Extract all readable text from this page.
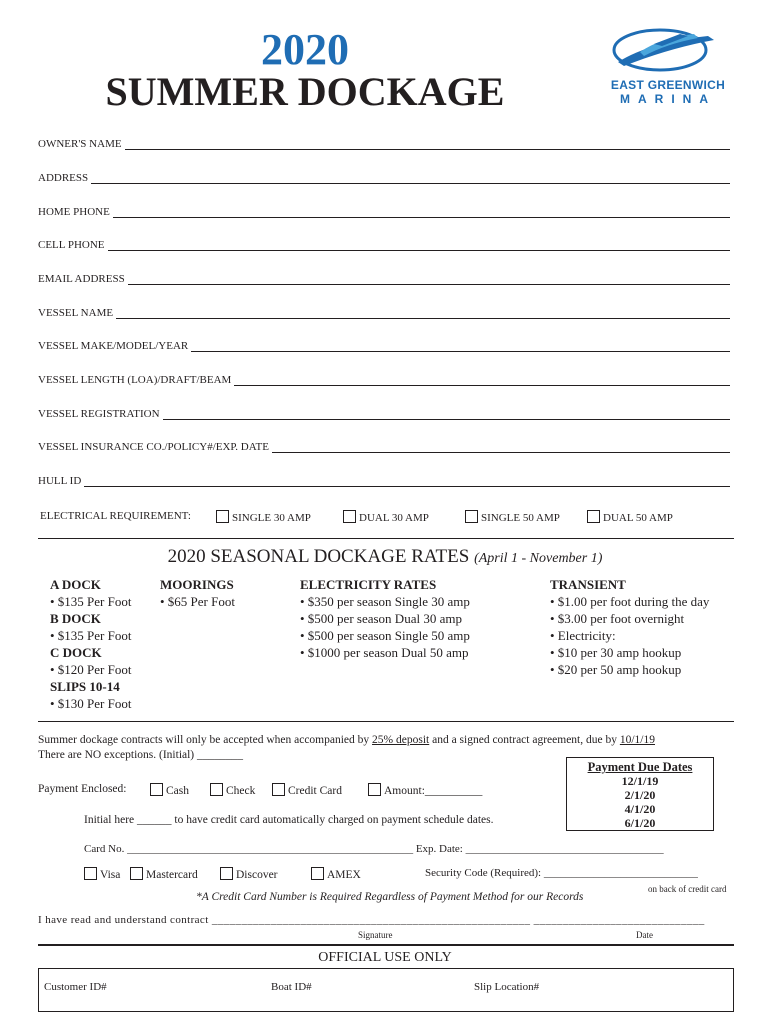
2020
SUMMER DOCKAGE	EAST GREENWICH
MARINA
OWNER'S NAME
ADDRESS
HOME PHONE
CELL PHONE
EMAIL ADDRESS
VESSEL NAME
VESSEL MAKE/MODEL/YEAR
VESSEL LENGTH (LOA)/DRAFT/BEAM
VESSEL REGISTRATION
VESSEL INSURANCE CO./POLICY#/EXP. DATE
HULL ID
ELECTRICAL REQUIREMENT:	SINGLE 30 AMP	DUAL 30 AMP	SINGLE 50 AMP	DUAL 50 AMP
2020 SEASONAL DOCKAGE RATES (April 1 - November 1)
A DOCK
• $135 Per Foot
B DOCK
• $135 Per Foot
C DOCK
• $120 Per Foot
SLIPS 10-14
• $130 Per Foot
MOORINGS
• $65 Per Foot
ELECTRICITY RATES
• $350 per season Single 30 amp
• $500 per season Dual 30 amp
• $500 per season Single 50 amp
• $1000 per season Dual 50 amp
TRANSIENT
• $1.00 per foot during the day
• $3.00 per foot overnight
• Electricity:
• $10 per 30 amp hookup
• $20 per 50 amp hookup
Summer dockage contracts will only be accepted when accompanied by 25% deposit and a signed contract agreement, due by 10/1/19
There are NO exceptions. (Initial) ________
Payment Due Dates
12/1/19
2/1/20
4/1/20
6/1/20
Payment Enclosed:	Cash	Check	Credit Card	Amount:__________
Initial here ______ to have credit card automatically charged on payment schedule dates.
Card No. ____________________________________________________ Exp. Date: ____________________________________
Visa	Mastercard	Discover	AMEX	Security Code (Required): ____________________________
on back of credit card
*A Credit Card Number is Required Regardless of Payment Method for our Records
I have read and understand contract ______________________________________________________ _____________________________
Signature	Date
OFFICIAL USE ONLY
Customer ID#	Boat ID#	Slip Location#
